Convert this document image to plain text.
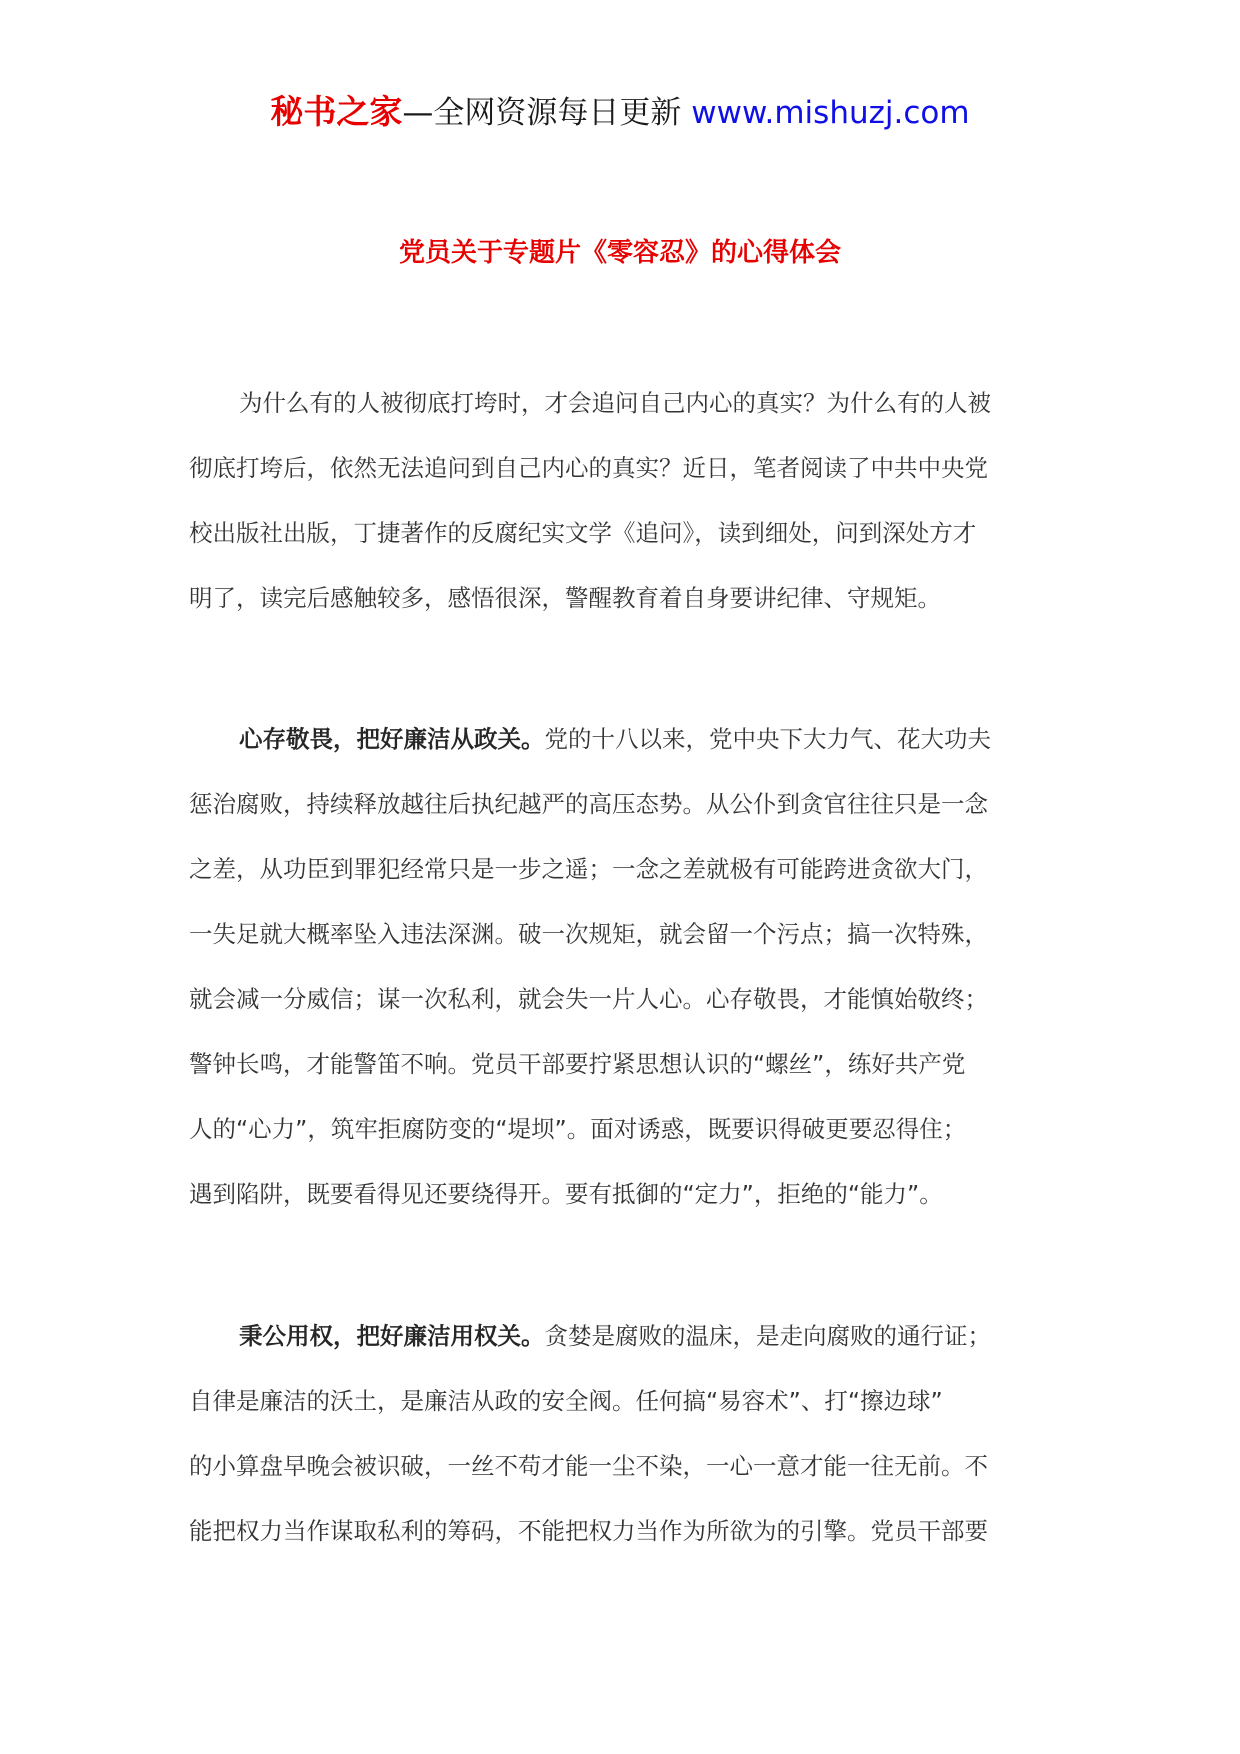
秘书之家—全网资源每日更新 www.mishuzj.com
党员关于专题片《零容忍》的心得体会
为什么有的人被彻底打垮时，才会追问自己内心的真实？为什么有的人被
彻底打垮后，依然无法追问到自己内心的真实？近日，笔者阅读了中共中央党
校出版社出版，丁捷著作的反腐纪实文学《追问》，读到细处，问到深处方才
明了，读完后感触较多，感悟很深，警醒教育着自身要讲纪律、守规矩。
心存敬畏，把好廉洁从政关。党的十八以来，党中央下大力气、花大功夫
惩治腐败，持续释放越往后执纪越严的高压态势。从公仆到贪官往往只是一念
之差，从功臣到罪犯经常只是一步之遥；一念之差就极有可能跨进贪欲大门，
一失足就大概率坠入违法深渊。破一次规矩，就会留一个污点；搞一次特殊，
就会减一分威信；谋一次私利，就会失一片人心。心存敬畏，才能慎始敬终；
警钟长鸣，才能警笛不响。党员干部要拧紧思想认识的“螺丝”，练好共产党
人的“心力”，筑牢拒腐防变的“堤坝”。面对诱惑，既要识得破更要忍得住；
遇到陷阱，既要看得见还要绕得开。要有抵御的“定力”，拒绝的“能力”。
秉公用权，把好廉洁用权关。贪婪是腐败的温床，是走向腐败的通行证；
自律是廉洁的沃土，是廉洁从政的安全阀。任何搞“易容术”、打“擦边球”
的小算盘早晚会被识破，一丝不苟才能一尘不染，一心一意才能一往无前。不
能把权力当作谋取私利的筹码，不能把权力当作为所欲为的引擎。党员干部要
